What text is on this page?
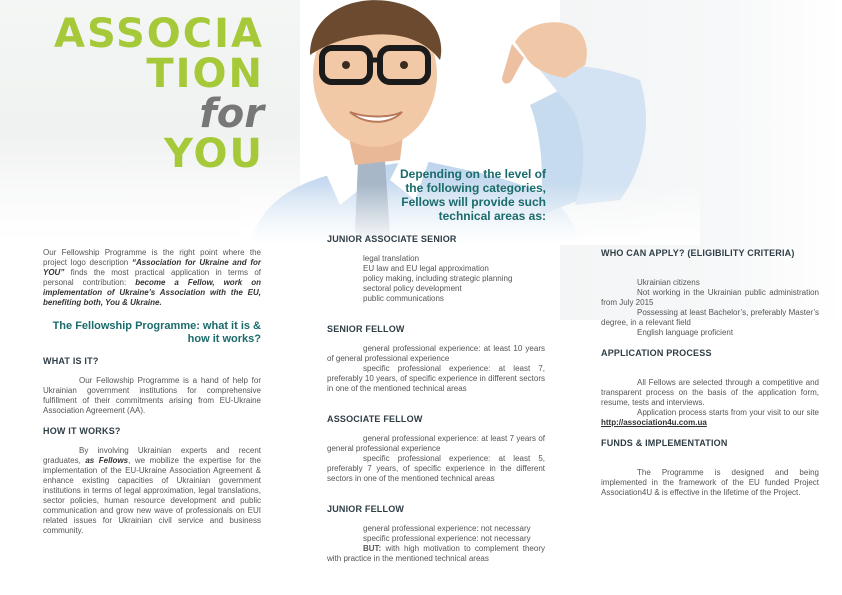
ASSOCIA
TION
for
YOU	Depending on the level of the following categories, Fellows will provide such technical areas as:

Our Fellowship Programme is the right point where the project logo description “Association for Ukraine and for YOU” finds the most practical application in terms of personal contribution: become a Fellow, work on implementation of Ukraine’s Association with the EU, benefiting both, You & Ukraine.

The Fellowship Programme: what it is & how it works?
WHAT IS IT?

Our Fellowship Programme is a hand of help for Ukrainian government institutions for comprehensive fulfillment of their commitments arising from EU-Ukraine Association Agreement (AA).

HOW IT WORKS?

By involving Ukrainian experts and recent graduates, as Fellows, we mobilize the expertise for the implementation of the EU-Ukraine Association Agreement & enhance existing capacities of Ukrainian government institutions in terms of legal approximation, legal translations, sector policies, human resource development and public communication and grow new wave of professionals on EUI related issues for Ukrainian civil service and business community.

JUNIOR ASSOCIATE SENIOR
legal translation
EU law and EU legal approximation
policy making, including strategic planning
sectoral policy development
public communications
SENIOR FELLOW

general professional experience: at least 10 years of general professional experience

specific professional experience: at least 7, preferably 10 years, of specific experience in different sectors in one of the mentioned technical areas

ASSOCIATE FELLOW

general professional experience: at least 7 years of general professional experience

specific professional experience: at least 5, preferably 7 years, of specific experience in the different sectors in one of the mentioned technical areas

JUNIOR FELLOW

general professional experience: not necessary

specific professional experience: not necessary

BUT: with high motivation to complement theory with practice in the mentioned technical areas

WHO CAN APPLY? (ELIGIBILITY CRITERIA)

Ukrainian citizens

Not working in the Ukrainian public administration from July 2015

Possessing at least Bachelor’s, preferably Master’s degree, in a relevant field

English language proficient

APPLICATION PROCESS

All Fellows are selected through a competitive and transparent process on the basis of the application form, resume, tests and interviews.

Application process starts from your visit to our site http://association4u.com.ua

FUNDS & IMPLEMENTATION

The Programme is designed and being implemented in the framework of the EU funded Project Association4U & is effective in the lifetime of the Project.
